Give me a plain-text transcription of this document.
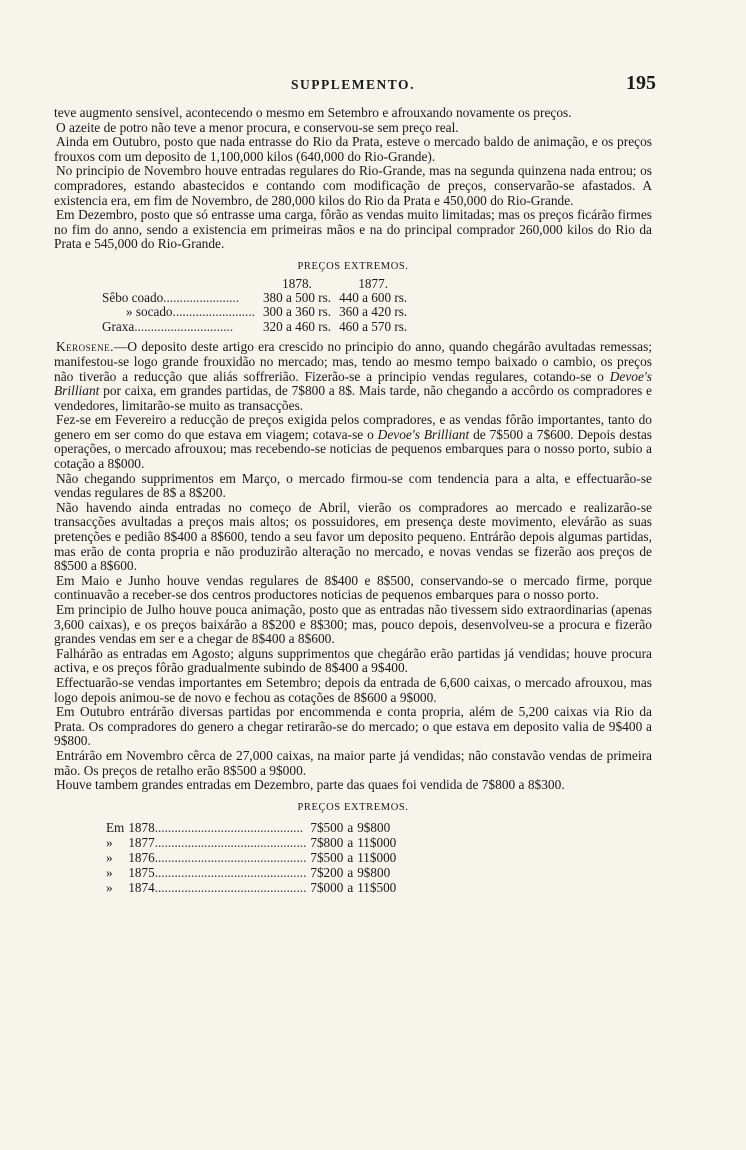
SUPPLEMENTO.	195

teve augmento sensivel, acontecendo o mesmo em Setembro e afrouxando novamente os preços.

O azeite de potro não teve a menor procura, e conservou-se sem preço real.

Ainda em Outubro, posto que nada entrasse do Rio da Prata, esteve o mercado baldo de animação, e os preços frouxos com um deposito de 1,100,000 kilos (640,000 do Rio-Grande).

No principio de Novembro houve entradas regulares do Rio-Grande, mas na segunda quinzena nada entrou; os compradores, estando abastecidos e contando com modificação de preços, conservarão-se afastados. A existencia era, em fim de Novembro, de 280,000 kilos do Rio da Prata e 450,000 do Rio-Grande.

Em Dezembro, posto que só entrasse uma carga, fôrão as vendas muito limitadas; mas os preços ficárão firmes no fim do anno, sendo a existencia em primeiras mãos e na do principal comprador 260,000 kilos do Rio da Prata e 545,000 do Rio-Grande.

PREÇOS EXTREMOS.
	1878.	1877.
Sêbo coado.......................	380 a 500 rs.	440 a 600 rs.
» socado.........................	300 a 360 rs.	360 a 420 rs.
Graxa..............................	320 a 460 rs.	460 a 570 rs.

Kerosene.—O deposito deste artigo era crescido no principio do anno, quando chegárão avultadas remessas; manifestou-se logo grande frouxidão no mercado; mas, tendo ao mesmo tempo baixado o cambio, os preços não tiverão a reducção que aliás soffrerião. Fizerão-se a principio vendas regulares, cotando-se o Devoe's Brilliant por caixa, em grandes partidas, de 7$800 a 8$. Mais tarde, não chegando a accôrdo os compradores e vendedores, limitarão-se muito as transacções.

Fez-se em Fevereiro a reducção de preços exigida pelos compradores, e as vendas fôrão importantes, tanto do genero em ser como do que estava em viagem; cotava-se o Devoe's Brilliant de 7$500 a 7$600. Depois destas operações, o mercado afrouxou; mas recebendo-se noticias de pequenos embarques para o nosso porto, subio a cotação a 8$000.

Não chegando supprimentos em Março, o mercado firmou-se com tendencia para a alta, e effectuarão-se vendas regulares de 8$ a 8$200.

Não havendo ainda entradas no começo de Abril, vierão os compradores ao mercado e realizarão-se transacções avultadas a preços mais altos; os possuidores, em presença deste movimento, elevárão as suas pretenções e pedião 8$400 a 8$600, tendo a seu favor um deposito pequeno. Entrárão depois algumas partidas, mas erão de conta propria e não produzirão alteração no mercado, e novas vendas se fizerão aos preços de 8$500 a 8$600.

Em Maio e Junho houve vendas regulares de 8$400 e 8$500, conservando-se o mercado firme, porque continuavão a receber-se dos centros productores noticias de pequenos embarques para o nosso porto.

Em principio de Julho houve pouca animação, posto que as entradas não tivessem sido extraordinarias (apenas 3,600 caixas), e os preços baixárão a 8$200 e 8$300; mas, pouco depois, desenvolveu-se a procura e fizerão grandes vendas em ser e a chegar de 8$400 a 8$600.

Falhárão as entradas em Agosto; alguns supprimentos que chegárão erão partidas já vendidas; houve procura activa, e os preços fôrão gradualmente subindo de 8$400 a 9$400.

Effectuarão-se vendas importantes em Setembro; depois da entrada de 6,600 caixas, o mercado afrouxou, mas logo depois animou-se de novo e fechou as cotações de 8$600 a 9$000.

Em Outubro entrárão diversas partidas por encommenda e conta propria, além de 5,200 caixas via Rio da Prata. Os compradores do genero a chegar retirarão-se do mercado; o que estava em deposito valia de 9$400 a 9$800.

Entrárão em Novembro cêrca de 27,000 caixas, na maior parte já vendidas; não constavão vendas de primeira mão. Os preços de retalho erão 8$500 a 9$000.

Houve tambem grandes entradas em Dezembro, parte das quaes foi vendida de 7$800 a 8$300.

PREÇOS EXTREMOS.
Em	1878.............................................	7$500	a	9$800
»	1877..............................................	7$800	a	11$000
»	1876..............................................	7$500	a	11$000
»	1875..............................................	7$200	a	9$800
»	1874..............................................	7$000	a	11$500
